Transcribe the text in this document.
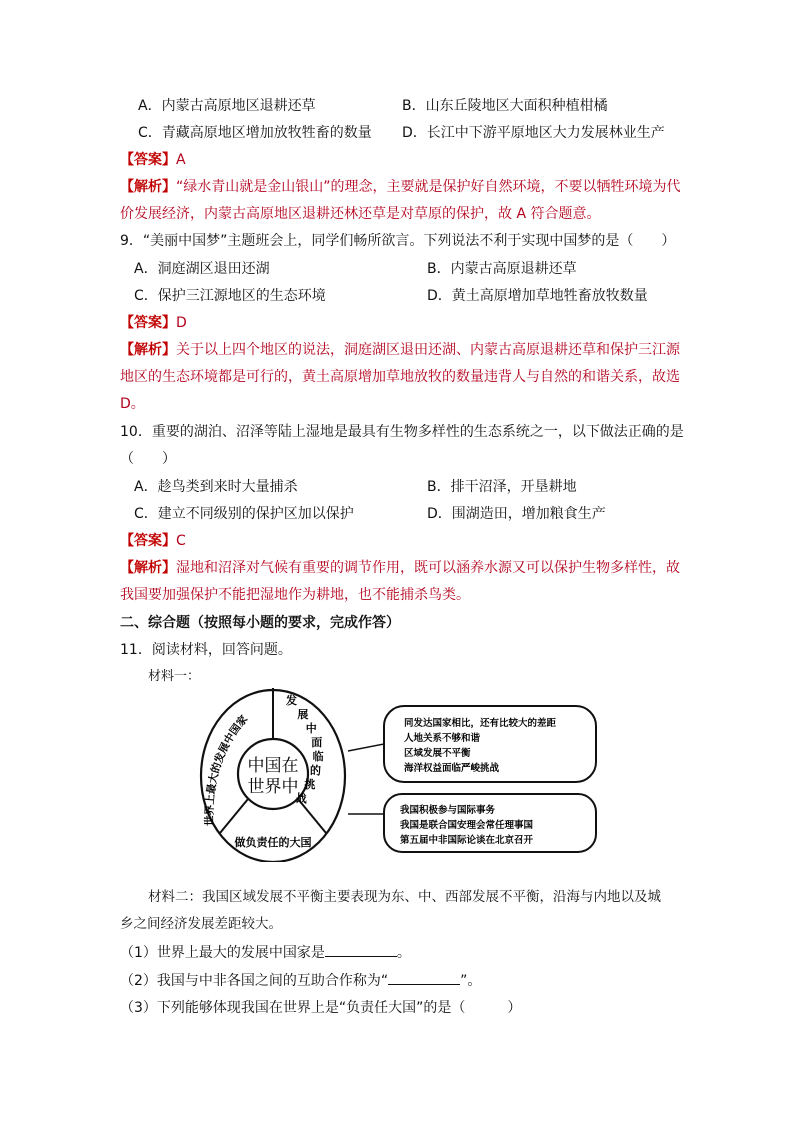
A．内蒙古高原地区退耕还草	B．山东丘陵地区大面积种植柑橘
C．青藏高原地区增加放牧牲畜的数量 D．长江中下游平原地区大力发展林业生产
【答案】A
【解析】“绿水青山就是金山银山”的理念，主要就是保护好自然环境，不要以牺牲环境为代
价发展经济，内蒙古高原地区退耕还林还草是对草原的保护，故 A 符合题意。
9．“美丽中国梦”主题班会上，同学们畅所欲言。下列说法不利于实现中国梦的是（　　）
A．洞庭湖区退田还湖	B．内蒙古高原退耕还草
C．保护三江源地区的生态环境	D．黄土高原增加草地牲畜放牧数量
【答案】D
【解析】关于以上四个地区的说法，洞庭湖区退田还湖、内蒙古高原退耕还草和保护三江源
地区的生态环境都是可行的，黄土高原增加草地放牧的数量违背人与自然的和谐关系，故选
D。
10．重要的湖泊、沼泽等陆上湿地是最具有生物多样性的生态系统之一，以下做法正确的是
（　　）
A．趁鸟类到来时大量捕杀	B．排干沼泽，开垦耕地
C．建立不同级别的保护区加以保护	D．围湖造田，增加粮食生产
【答案】C
【解析】湿地和沼泽对气候有重要的调节作用，既可以涵养水源又可以保护生物多样性，故
我国要加强保护不能把湿地作为耕地，也不能捕杀鸟类。
二、综合题（按照每小题的要求，完成作答）
11．阅读材料，回答问题。
材料一：
中国在
世界中
世界上最大的发展中国家
发展中面临的挑战
做负责任的大国
同发达国家相比，还有比较大的差距
人地关系不够和谐
区域发展不平衡
海洋权益面临严峻挑战
我国积极参与国际事务
我国是联合国安理会常任理事国
第五届中非国际论谈在北京召开
材料二：我国区域发展不平衡主要表现为东、中、西部发展不平衡，沿海与内地以及城
乡之间经济发展差距较大。
（1）世界上最大的发展中国家是	。
（2）我国与中非各国之间的互助合作称为“	”。
（3）下列能够体现我国在世界上是“负责任大国”的是（　　　）
